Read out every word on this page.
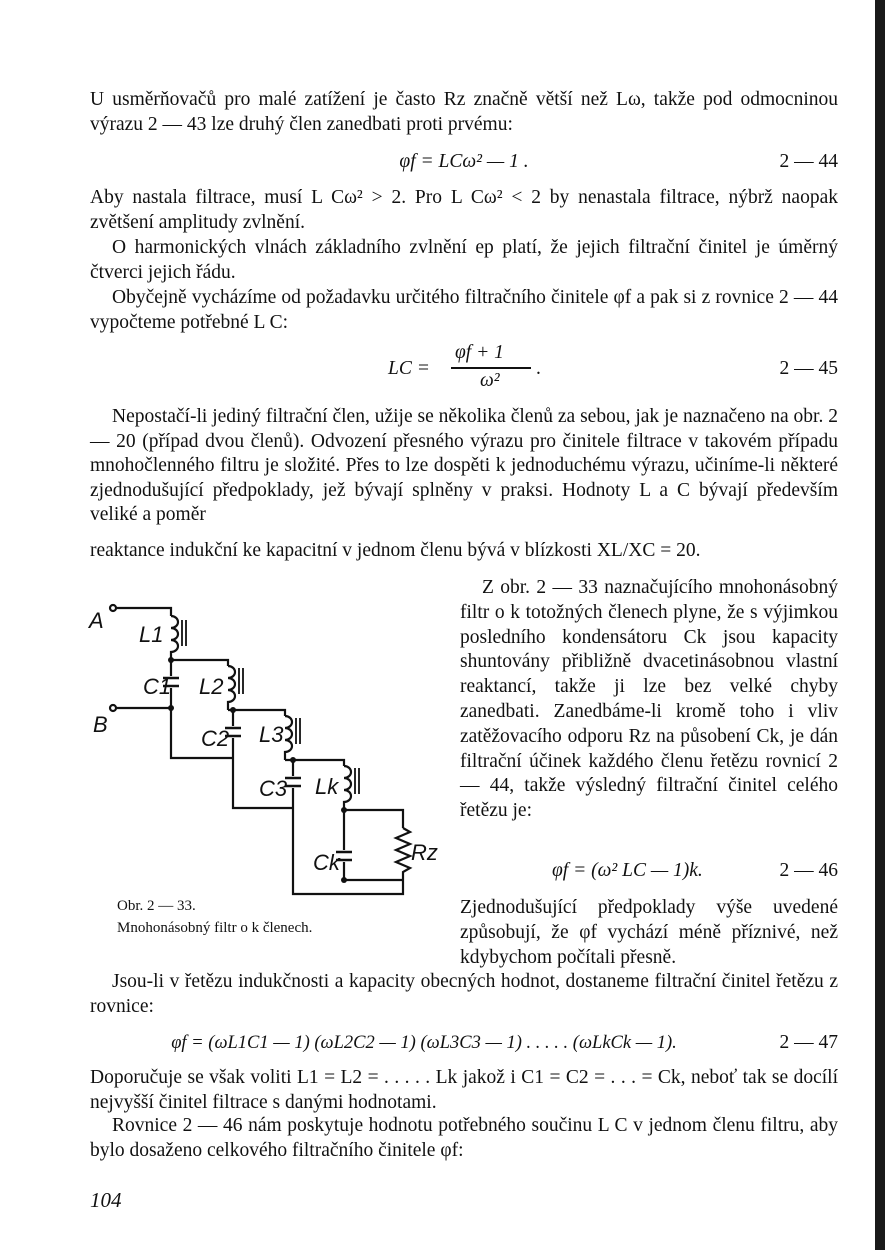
U usměrňovačů pro malé zatížení je často Rz značně větší než Lω, takže pod odmocninou výrazu 2 — 43 lze druhý člen zanedbati proti prvému:

φf = LCω² — 1 .	2 — 44

Aby nastala filtrace, musí L Cω² > 2. Pro L Cω² < 2 by nenastala filtrace, nýbrž naopak zvětšení amplitudy zvlnění.

O harmonických vlnách základního zvlnění ep platí, že jejich filtrační činitel je úměrný čtverci jejich řádu.

Obyčejně vycházíme od požadavku určitého filtračního činitele φf a pak si z rovnice 2 — 44 vypočteme potřebné L C:

LC =
φf + 1
ω²
.	2 — 45

Nepostačí-li jediný filtrační člen, užije se několika členů za sebou, jak je naznačeno na obr. 2 — 20 (případ dvou členů). Odvození přesného výrazu pro činitele filtrace v takovém případu mnohočlenného filtru je složité. Přes to lze dospěti k jednoduchému výrazu, učiníme-li některé zjednodušující předpoklady, jež bývají splněny v praksi. Hodnoty L a C bývají především veliké a poměr

reaktance indukční ke kapacitní v jednom členu bývá v blízkosti XL/XC = 20.

A
B
L1
C1 L2
C2 L3
C3 Lk
Ck	Rz

Obr. 2 — 33.

Mnohonásobný filtr o k členech.

Z obr. 2 — 33 naznačujícího mnohonásobný filtr o k totožných členech plyne, že s výjimkou posledního kondensátoru Ck jsou kapacity shuntovány přibližně dvacetinásobnou vlastní reaktancí, takže ji lze bez velké chyby zanedbati. Zanedbáme-li kromě toho i vliv zatěžovacího odporu Rz na působení Ck, je dán filtrační účinek každého členu řetězu rovnicí 2 — 44, takže výsledný filtrační činitel celého řetězu je:

φf = (ω² LC — 1)k.	2 — 46

Zjednodušující předpoklady výše uvedené způsobují, že φf vychází méně příznivé, než kdybychom počítali přesně.

Jsou-li v řetězu indukčnosti a kapacity obecných hodnot, dostaneme filtrační činitel řetězu z rovnice:

φf = (ωL1C1 — 1) (ωL2C2 — 1) (ωL3C3 — 1) . . . . . (ωLkCk — 1).	2 — 47

Doporučuje se však voliti L1 = L2 = . . . . . Lk jakož i C1 = C2 = . . . = Ck, neboť tak se docílí nejvyšší činitel filtrace s danými hodnotami.

Rovnice 2 — 46 nám poskytuje hodnotu potřebného součinu L C v jednom členu filtru, aby bylo dosaženo celkového filtračního činitele φf:

104
